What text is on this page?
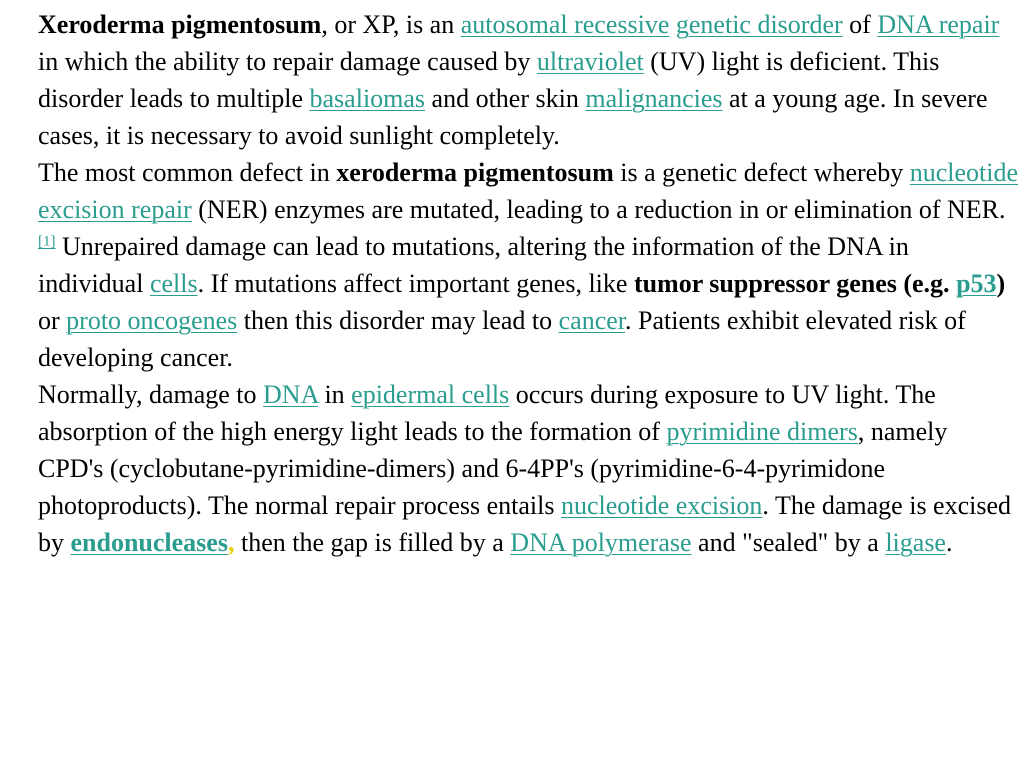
Xeroderma pigmentosum, or XP, is an autosomal recessive genetic disorder of DNA repair in which the ability to repair damage caused by ultraviolet (UV) light is deficient. This disorder leads to multiple basaliomas and other skin malignancies at a young age. In severe cases, it is necessary to avoid sunlight completely.

The most common defect in xeroderma pigmentosum is a genetic defect whereby nucleotide excision repair (NER) enzymes are mutated, leading to a reduction in or elimination of NER.[1] Unrepaired damage can lead to mutations, altering the information of the DNA in individual cells. If mutations affect important genes, like tumor suppressor genes (e.g. p53) or proto oncogenes then this disorder may lead to cancer. Patients exhibit elevated risk of developing cancer.

Normally, damage to DNA in epidermal cells occurs during exposure to UV light. The absorption of the high energy light leads to the formation of pyrimidine dimers, namely CPD's (cyclobutane-pyrimidine-dimers) and 6-4PP's (pyrimidine-6-4-pyrimidone photoproducts). The normal repair process entails nucleotide excision. The damage is excised by endonucleases, then the gap is filled by a DNA polymerase and "sealed" by a ligase.
